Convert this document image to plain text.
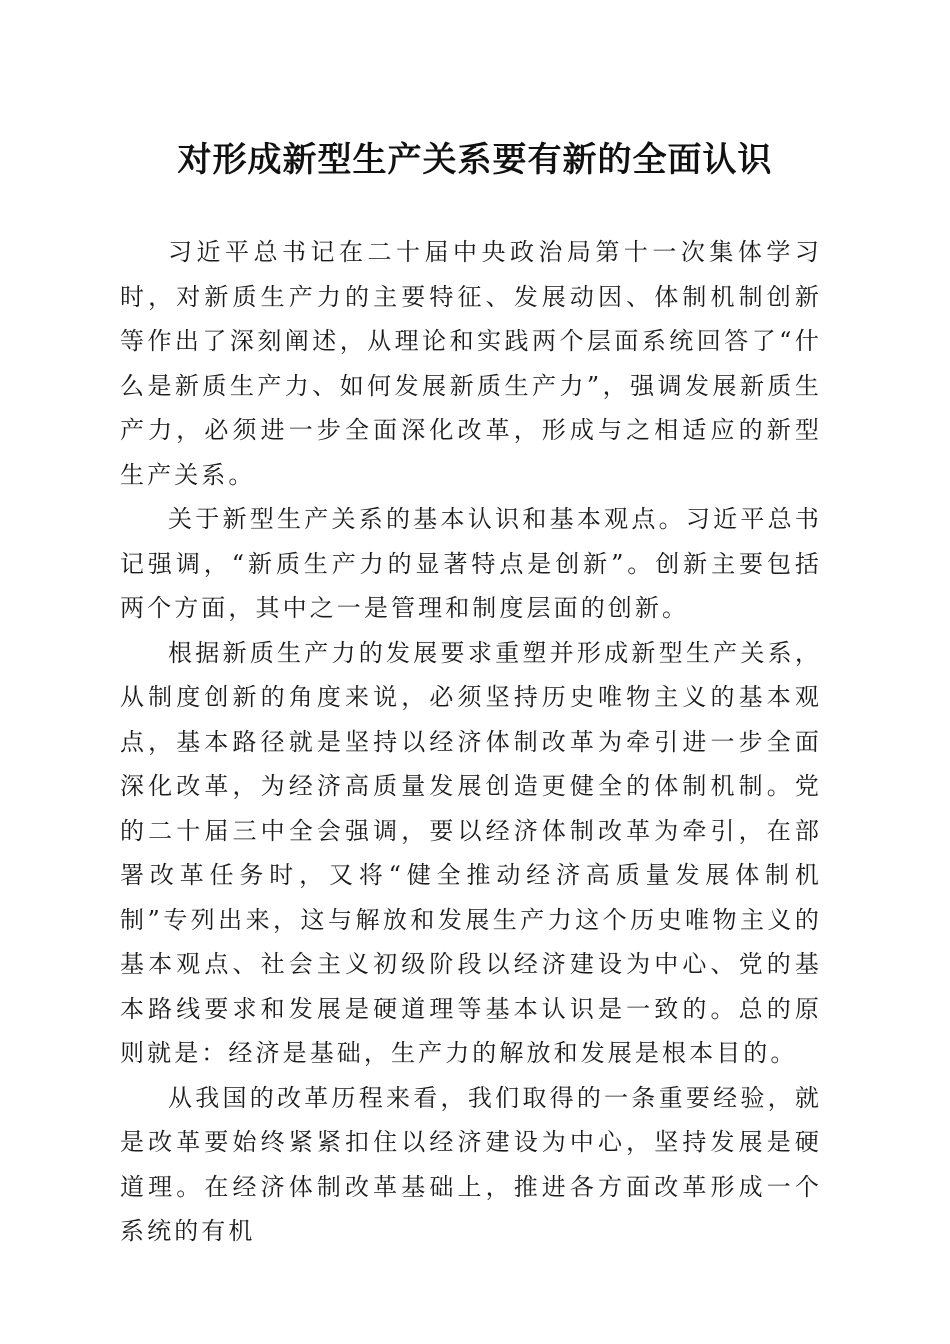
对形成新型生产关系要有新的全面认识

习近平总书记在二十届中央政治局第十一次集体学习时，对新质生产力的主要特征、发展动因、体制机制创新等作出了深刻阐述，从理论和实践两个层面系统回答了“什么是新质生产力、如何发展新质生产力”，强调发展新质生产力，必须进一步全面深化改革，形成与之相适应的新型生产关系。

关于新型生产关系的基本认识和基本观点。习近平总书记强调，“新质生产力的显著特点是创新”。创新主要包括两个方面，其中之一是管理和制度层面的创新。

根据新质生产力的发展要求重塑并形成新型生产关系，从制度创新的角度来说，必须坚持历史唯物主义的基本观点，基本路径就是坚持以经济体制改革为牵引进一步全面深化改革，为经济高质量发展创造更健全的体制机制。党的二十届三中全会强调，要以经济体制改革为牵引，在部署改革任务时，又将“健全推动经济高质量发展体制机制”专列出来，这与解放和发展生产力这个历史唯物主义的基本观点、社会主义初级阶段以经济建设为中心、党的基本路线要求和发展是硬道理等基本认识是一致的。总的原则就是：经济是基础，生产力的解放和发展是根本目的。

从我国的改革历程来看，我们取得的一条重要经验，就是改革要始终紧紧扣住以经济建设为中心，坚持发展是硬道理。在经济体制改革基础上，推进各方面改革形成一个系统的有机
